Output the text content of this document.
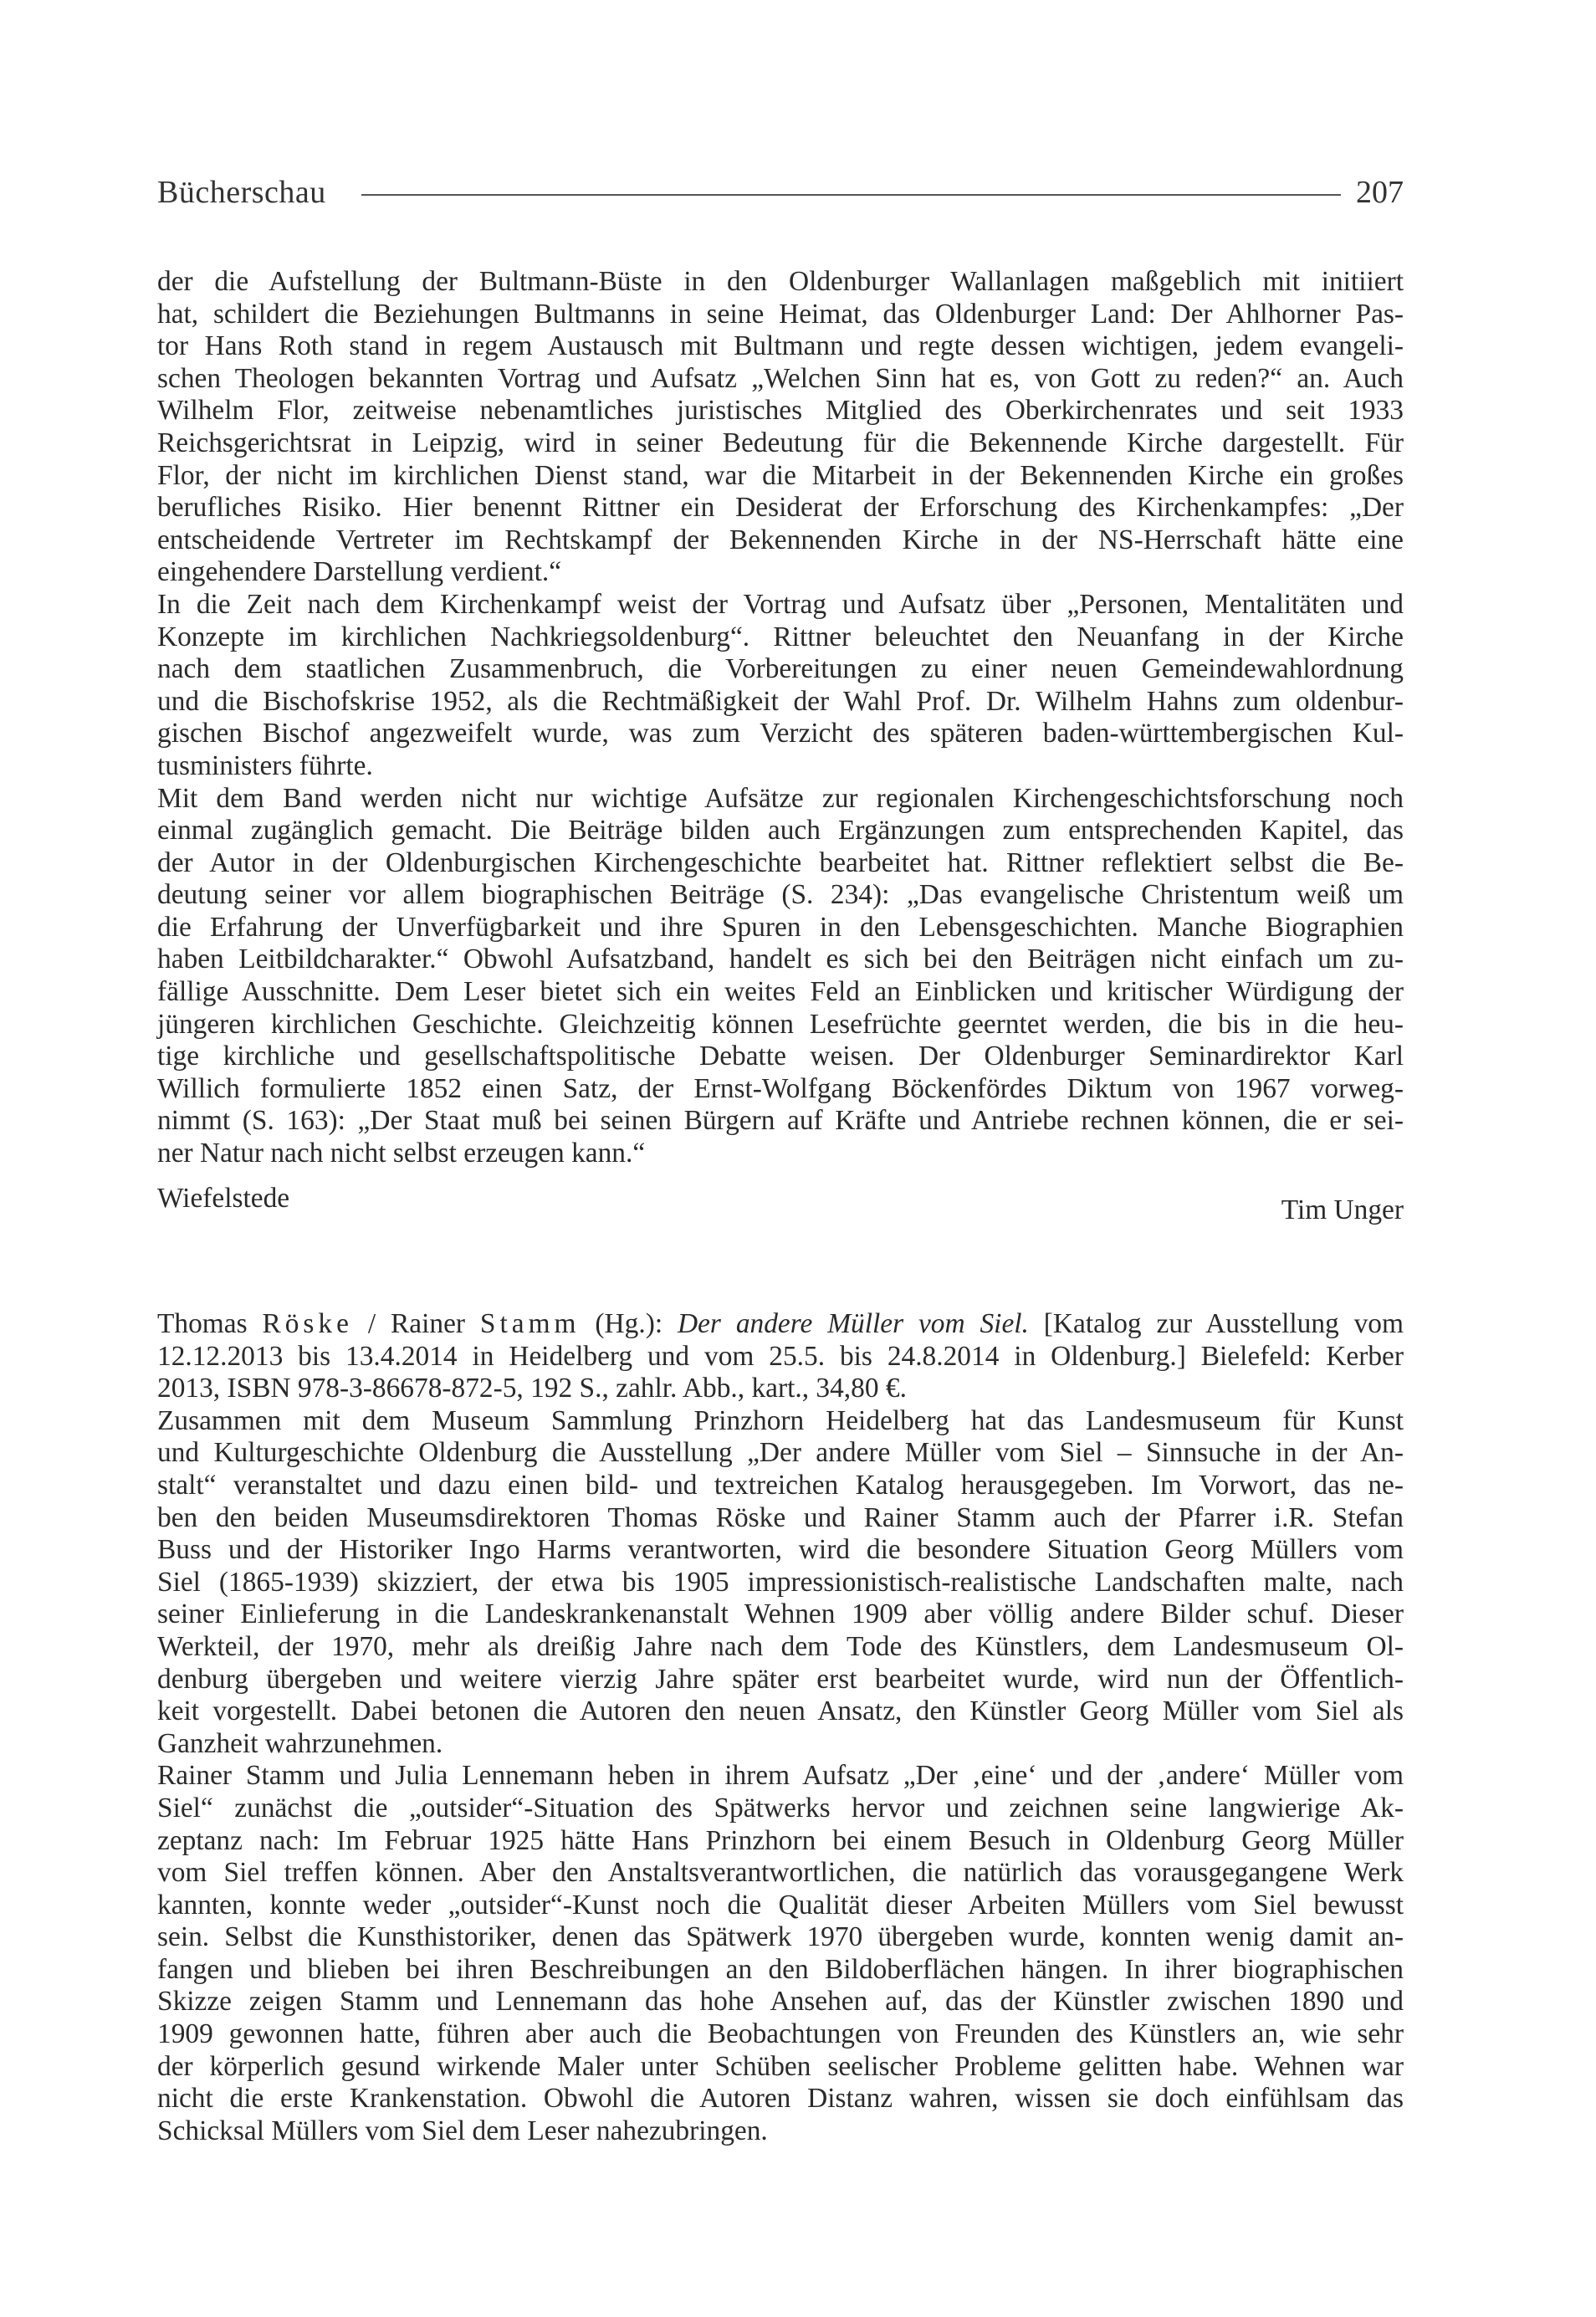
Bücherschau	207
der die Aufstellung der Bultmann-Büste in den Oldenburger Wallanlagen maßgeblich mit initiiert
hat, schildert die Beziehungen Bultmanns in seine Heimat, das Oldenburger Land: Der Ahlhorner Pas-
tor Hans Roth stand in regem Austausch mit Bultmann und regte dessen wichtigen, jedem evangeli-
schen Theologen bekannten Vortrag und Aufsatz „Welchen Sinn hat es, von Gott zu reden?“ an. Auch
Wilhelm Flor, zeitweise nebenamtliches juristisches Mitglied des Oberkirchenrates und seit 1933
Reichsgerichtsrat in Leipzig, wird in seiner Bedeutung für die Bekennende Kirche dargestellt. Für
Flor, der nicht im kirchlichen Dienst stand, war die Mitarbeit in der Bekennenden Kirche ein großes
berufliches Risiko. Hier benennt Rittner ein Desiderat der Erforschung des Kirchenkampfes: „Der
entscheidende Vertreter im Rechtskampf der Bekennenden Kirche in der NS-Herrschaft hätte eine
eingehendere Darstellung verdient.“
In die Zeit nach dem Kirchenkampf weist der Vortrag und Aufsatz über „Personen, Mentalitäten und
Konzepte im kirchlichen Nachkriegsoldenburg“. Rittner beleuchtet den Neuanfang in der Kirche
nach dem staatlichen Zusammenbruch, die Vorbereitungen zu einer neuen Gemeindewahlordnung
und die Bischofskrise 1952, als die Rechtmäßigkeit der Wahl Prof. Dr. Wilhelm Hahns zum oldenbur-
gischen Bischof angezweifelt wurde, was zum Verzicht des späteren baden-württembergischen Kul-
tusministers führte.
Mit dem Band werden nicht nur wichtige Aufsätze zur regionalen Kirchengeschichtsforschung noch
einmal zugänglich gemacht. Die Beiträge bilden auch Ergänzungen zum entsprechenden Kapitel, das
der Autor in der Oldenburgischen Kirchengeschichte bearbeitet hat. Rittner reflektiert selbst die Be-
deutung seiner vor allem biographischen Beiträge (S. 234): „Das evangelische Christentum weiß um
die Erfahrung der Unverfügbarkeit und ihre Spuren in den Lebensgeschichten. Manche Biographien
haben Leitbildcharakter.“ Obwohl Aufsatzband, handelt es sich bei den Beiträgen nicht einfach um zu-
fällige Ausschnitte. Dem Leser bietet sich ein weites Feld an Einblicken und kritischer Würdigung der
jüngeren kirchlichen Geschichte. Gleichzeitig können Lesefrüchte geerntet werden, die bis in die heu-
tige kirchliche und gesellschaftspolitische Debatte weisen. Der Oldenburger Seminardirektor Karl
Willich formulierte 1852 einen Satz, der Ernst-Wolfgang Böckenfördes Diktum von 1967 vorweg-
nimmt (S. 163): „Der Staat muß bei seinen Bürgern auf Kräfte und Antriebe rechnen können, die er sei-
ner Natur nach nicht selbst erzeugen kann.“
Wiefelstede	Tim Unger
Thomas Röske / Rainer Stamm (Hg.): Der andere Müller vom Siel. [Katalog zur Ausstellung vom
12.12.2013 bis 13.4.2014 in Heidelberg und vom 25.5. bis 24.8.2014 in Oldenburg.] Bielefeld: Kerber
2013, ISBN 978-3-86678-872-5, 192 S., zahlr. Abb., kart., 34,80 €.
Zusammen mit dem Museum Sammlung Prinzhorn Heidelberg hat das Landesmuseum für Kunst
und Kulturgeschichte Oldenburg die Ausstellung „Der andere Müller vom Siel – Sinnsuche in der An-
stalt“ veranstaltet und dazu einen bild- und textreichen Katalog herausgegeben. Im Vorwort, das ne-
ben den beiden Museumsdirektoren Thomas Röske und Rainer Stamm auch der Pfarrer i.R. Stefan
Buss und der Historiker Ingo Harms verantworten, wird die besondere Situation Georg Müllers vom
Siel (1865-1939) skizziert, der etwa bis 1905 impressionistisch-realistische Landschaften malte, nach
seiner Einlieferung in die Landeskrankenanstalt Wehnen 1909 aber völlig andere Bilder schuf. Dieser
Werkteil, der 1970, mehr als dreißig Jahre nach dem Tode des Künstlers, dem Landesmuseum Ol-
denburg übergeben und weitere vierzig Jahre später erst bearbeitet wurde, wird nun der Öffentlich-
keit vorgestellt. Dabei betonen die Autoren den neuen Ansatz, den Künstler Georg Müller vom Siel als
Ganzheit wahrzunehmen.
Rainer Stamm und Julia Lennemann heben in ihrem Aufsatz „Der ‚eine‘ und der ‚andere‘ Müller vom
Siel“ zunächst die „outsider“-Situation des Spätwerks hervor und zeichnen seine langwierige Ak-
zeptanz nach: Im Februar 1925 hätte Hans Prinzhorn bei einem Besuch in Oldenburg Georg Müller
vom Siel treffen können. Aber den Anstaltsverantwortlichen, die natürlich das vorausgegangene Werk
kannten, konnte weder „outsider“-Kunst noch die Qualität dieser Arbeiten Müllers vom Siel bewusst
sein. Selbst die Kunsthistoriker, denen das Spätwerk 1970 übergeben wurde, konnten wenig damit an-
fangen und blieben bei ihren Beschreibungen an den Bildoberflächen hängen. In ihrer biographischen
Skizze zeigen Stamm und Lennemann das hohe Ansehen auf, das der Künstler zwischen 1890 und
1909 gewonnen hatte, führen aber auch die Beobachtungen von Freunden des Künstlers an, wie sehr
der körperlich gesund wirkende Maler unter Schüben seelischer Probleme gelitten habe. Wehnen war
nicht die erste Krankenstation. Obwohl die Autoren Distanz wahren, wissen sie doch einfühlsam das
Schicksal Müllers vom Siel dem Leser nahezubringen.
